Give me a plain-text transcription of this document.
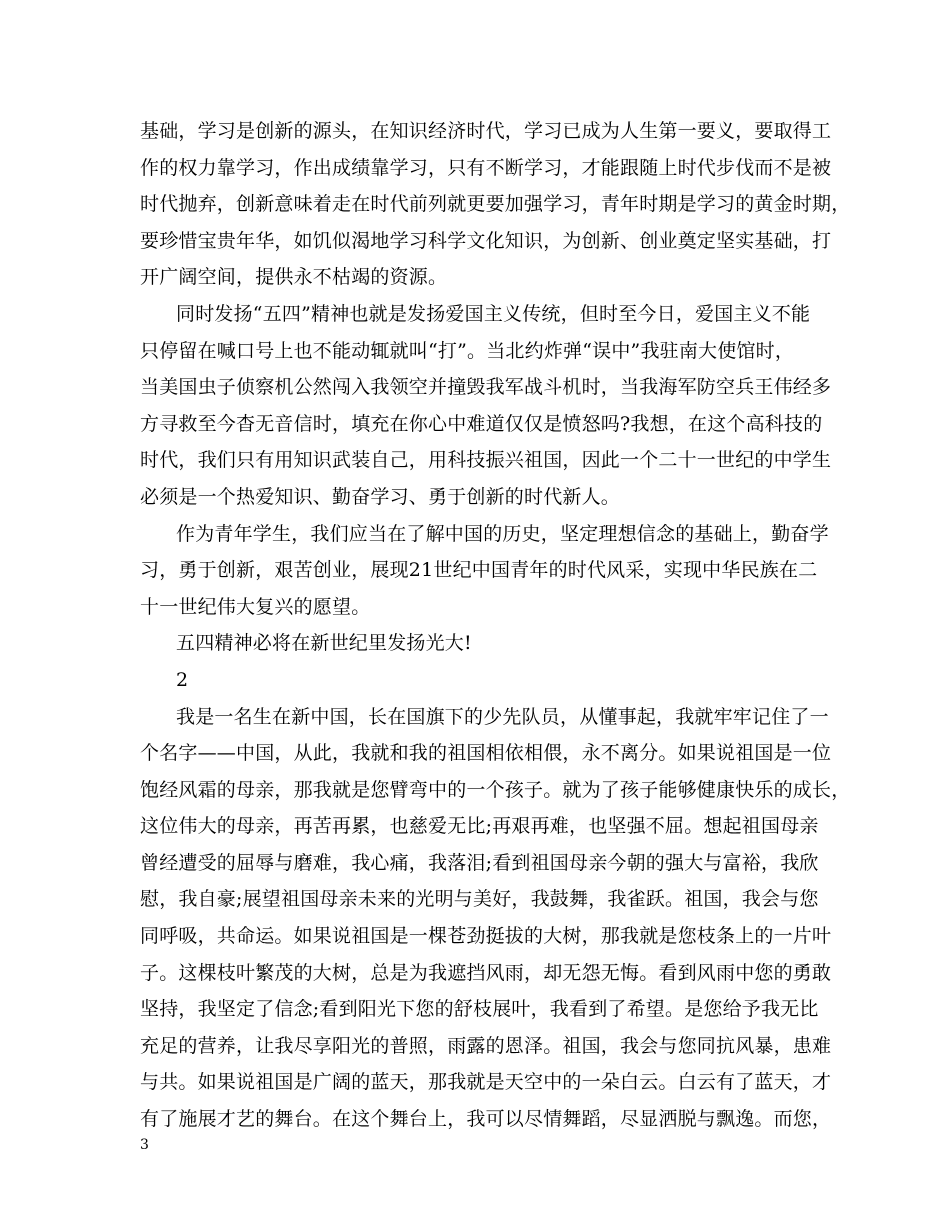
基础，学习是创新的源头，在知识经济时代，学习已成为人生第一要义，要取得工
作的权力靠学习，作出成绩靠学习，只有不断学习，才能跟随上时代步伐而不是被
时代抛弃，创新意味着走在时代前列就更要加强学习，青年时期是学习的黄金时期，
要珍惜宝贵年华，如饥似渴地学习科学文化知识，为创新、创业奠定坚实基础，打
开广阔空间，提供永不枯竭的资源。
同时发扬“五四”精神也就是发扬爱国主义传统，但时至今日，爱国主义不能
只停留在喊口号上也不能动辄就叫“打”。当北约炸弹“误中”我驻南大使馆时，
当美国虫子侦察机公然闯入我领空并撞毁我军战斗机时，当我海军防空兵王伟经多
方寻救至今杳无音信时，填充在你心中难道仅仅是愤怒吗?我想，在这个高科技的
时代，我们只有用知识武装自己，用科技振兴祖国，因此一个二十一世纪的中学生
必须是一个热爱知识、勤奋学习、勇于创新的时代新人。
作为青年学生，我们应当在了解中国的历史，坚定理想信念的基础上，勤奋学
习，勇于创新，艰苦创业，展现21世纪中国青年的时代风采，实现中华民族在二
十一世纪伟大复兴的愿望。
五四精神必将在新世纪里发扬光大!
2
我是一名生在新中国，长在国旗下的少先队员，从懂事起，我就牢牢记住了一
个名字——中国，从此，我就和我的祖国相依相偎，永不离分。如果说祖国是一位
饱经风霜的母亲，那我就是您臂弯中的一个孩子。就为了孩子能够健康快乐的成长，
这位伟大的母亲，再苦再累，也慈爱无比;再艰再难，也坚强不屈。想起祖国母亲
曾经遭受的屈辱与磨难，我心痛，我落泪;看到祖国母亲今朝的强大与富裕，我欣
慰，我自豪;展望祖国母亲未来的光明与美好，我鼓舞，我雀跃。祖国，我会与您
同呼吸，共命运。如果说祖国是一棵苍劲挺拔的大树，那我就是您枝条上的一片叶
子。这棵枝叶繁茂的大树，总是为我遮挡风雨，却无怨无悔。看到风雨中您的勇敢
坚持，我坚定了信念;看到阳光下您的舒枝展叶，我看到了希望。是您给予我无比
充足的营养，让我尽享阳光的普照，雨露的恩泽。祖国，我会与您同抗风暴，患难
与共。如果说祖国是广阔的蓝天，那我就是天空中的一朵白云。白云有了蓝天，才
有了施展才艺的舞台。在这个舞台上，我可以尽情舞蹈，尽显洒脱与飘逸。而您，
3
